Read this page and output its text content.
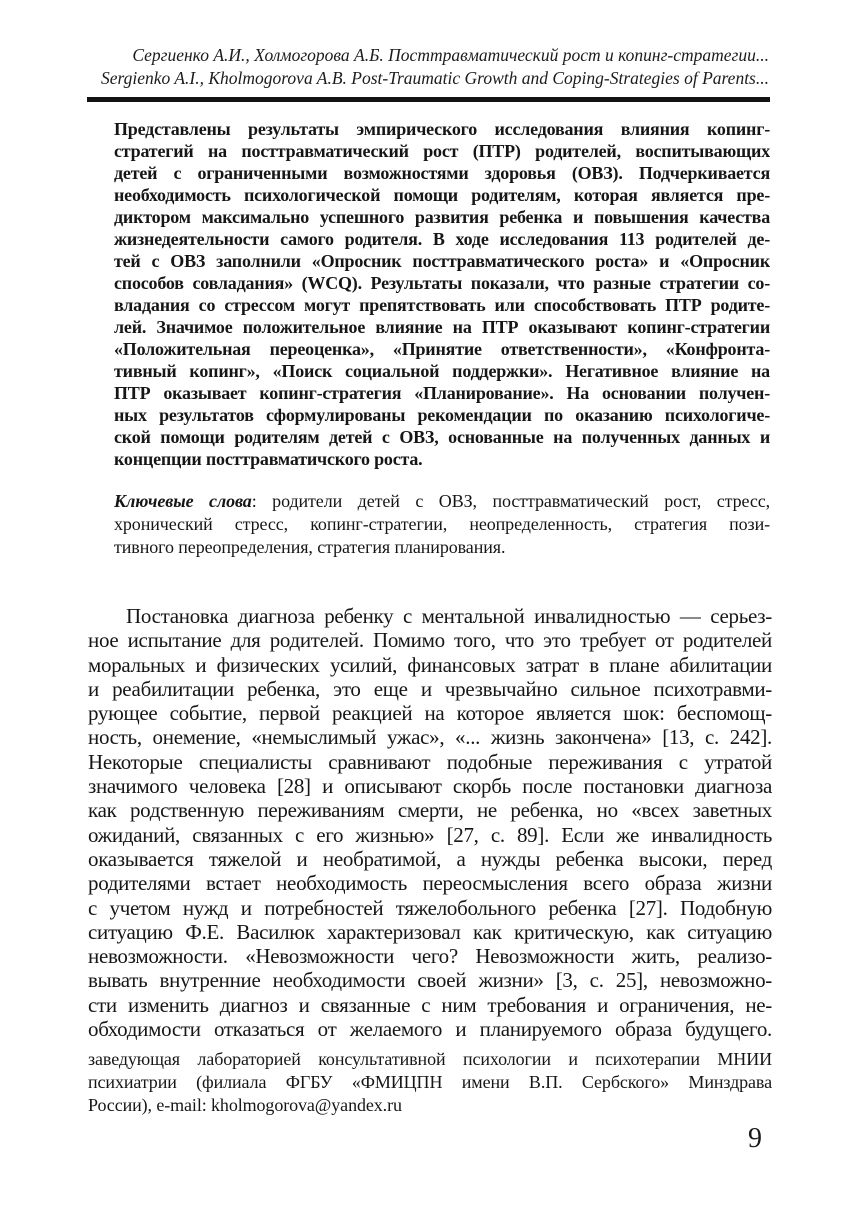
Сергиенко А.И., Холмогорова А.Б. Посттравматический рост и копинг-стратегии...
Sergienko A.I., Kholmogorova A.B. Post-Traumatic Growth and Coping-Strategies of Parents...
Представлены результаты эмпирического исследования влияния копинг-
стратегий на посттравматический рост (ПТР) родителей, воспитывающих
детей с ограниченными возможностями здоровья (ОВЗ). Подчеркивается
необходимость психологической помощи родителям, которая является пре-
диктором максимально успешного развития ребенка и повышения качества
жизнедеятельности самого родителя. В ходе исследования 113 родителей де-
тей с ОВЗ заполнили «Опросник посттравматического роста» и «Опросник
способов совладания» (WCQ). Результаты показали, что разные стратегии со-
владания со стрессом могут препятствовать или способствовать ПТР родите-
лей. Значимое положительное влияние на ПТР оказывают копинг-стратегии
«Положительная переоценка», «Принятие ответственности», «Конфронта-
тивный копинг», «Поиск социальной поддержки». Негативное влияние на
ПТР оказывает копинг-стратегия «Планирование». На основании получен-
ных результатов сформулированы рекомендации по оказанию психологиче-
ской помощи родителям детей с ОВЗ, основанные на полученных данных и
концепции посттравматичского роста.
Ключевые слова: родители детей с ОВЗ, посттравматический рост, стресс,
хронический стресс, копинг-стратегии, неопределенность, стратегия пози-
тивного переопределения, стратегия планирования.
Постановка диагноза ребенку с ментальной инвалидностью — серьез-
ное испытание для родителей. Помимо того, что это требует от родителей
моральных и физических усилий, финансовых затрат в плане абилитации
и реабилитации ребенка, это еще и чрезвычайно сильное психотравми-
рующее событие, первой реакцией на которое является шок: беспомощ-
ность, онемение, «немыслимый ужас», «... жизнь закончена» [13, с. 242].
Некоторые специалисты сравнивают подобные переживания с утратой
значимого человека [28] и описывают скорбь после постановки диагноза
как родственную переживаниям смерти, не ребенка, но «всех заветных
ожиданий, связанных с его жизнью» [27, с. 89]. Если же инвалидность
оказывается тяжелой и необратимой, а нужды ребенка высоки, перед
родителями встает необходимость переосмысления всего образа жизни
с учетом нужд и потребностей тяжелобольного ребенка [27]. Подобную
ситуацию Ф.Е. Василюк характеризовал как критическую, как ситуацию
невозможности. «Невозможности чего? Невозможности жить, реализо-
вывать внутренние необходимости своей жизни» [3, с. 25], невозможно-
сти изменить диагноз и связанные с ним требования и ограничения, не-
обходимости отказаться от желаемого и планируемого образа будущего.
заведующая лабораторией консультативной психологии и психотерапии МНИИ
психиатрии (филиала ФГБУ «ФМИЦПН имени В.П. Сербского» Минздрава
России), e-mail: kholmogorova@yandex.ru
9
